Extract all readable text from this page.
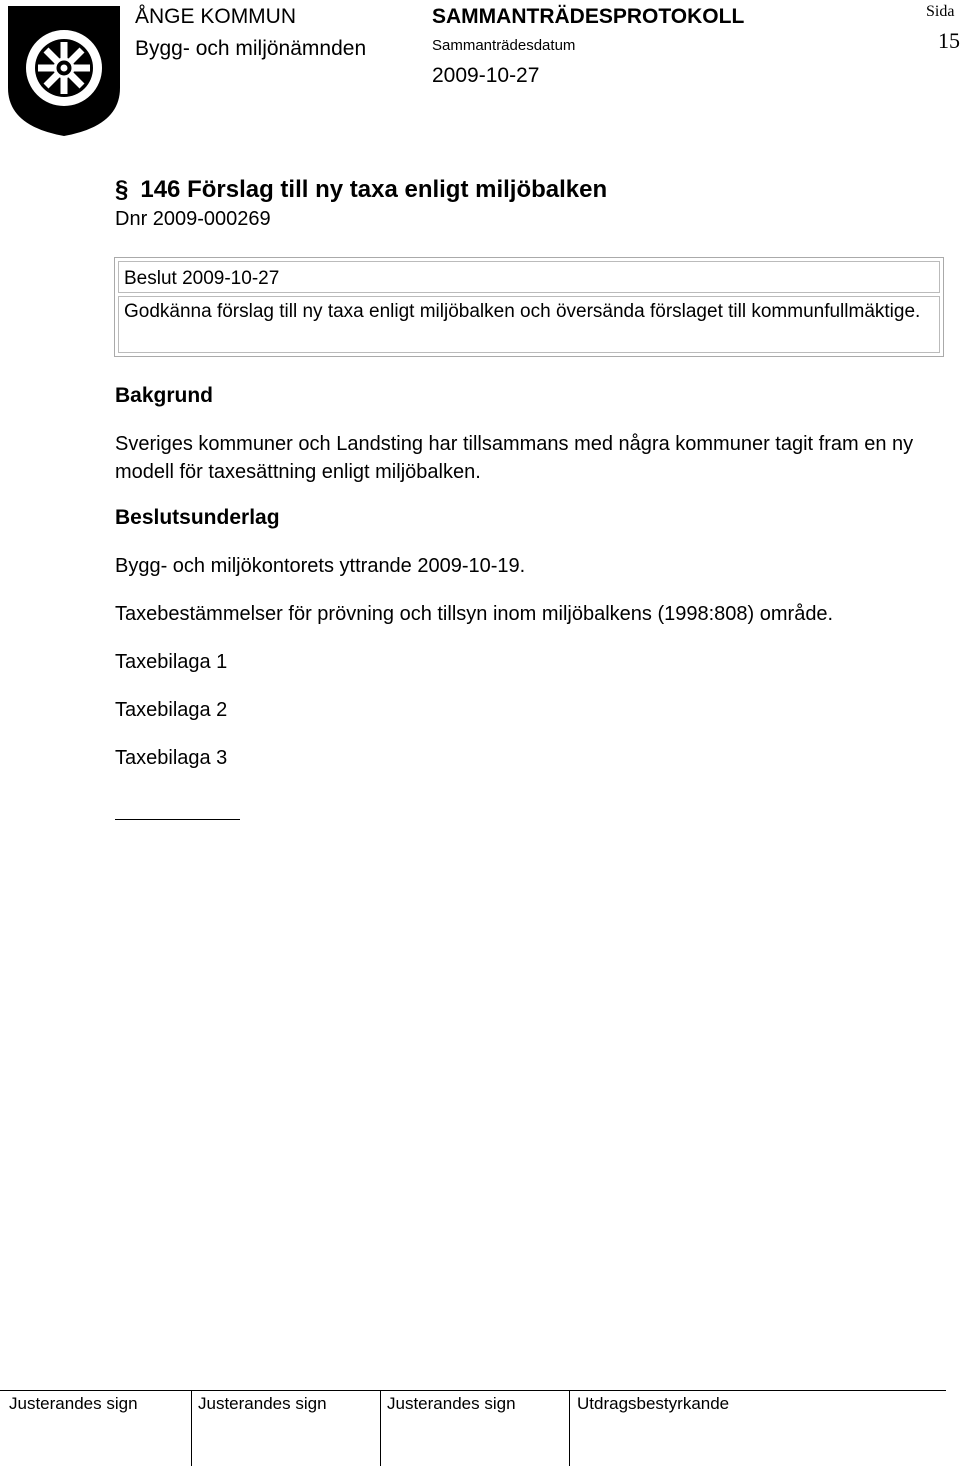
ÅNGE KOMMUN
Bygg- och miljönämnden
SAMMANTRÄDESPROTOKOLL
Sammanträdesdatum
2009-10-27
Sida
15
§ 146 Förslag till ny taxa enligt miljöbalken
Dnr 2009-000269
Beslut 2009-10-27
Godkänna förslag till ny taxa enligt miljöbalken och översända förslaget till kommunfullmäktige.
Bakgrund
Sveriges kommuner och Landsting har tillsammans med några kommuner tagit fram en ny modell för taxesättning enligt miljöbalken.
Beslutsunderlag
Bygg- och miljökontorets yttrande 2009-10-19.
Taxebestämmelser för prövning och tillsyn inom miljöbalkens (1998:808) område.
Taxebilaga 1
Taxebilaga 2
Taxebilaga 3
Justerandes sign	Justerandes sign	Justerandes sign	Utdragsbestyrkande
